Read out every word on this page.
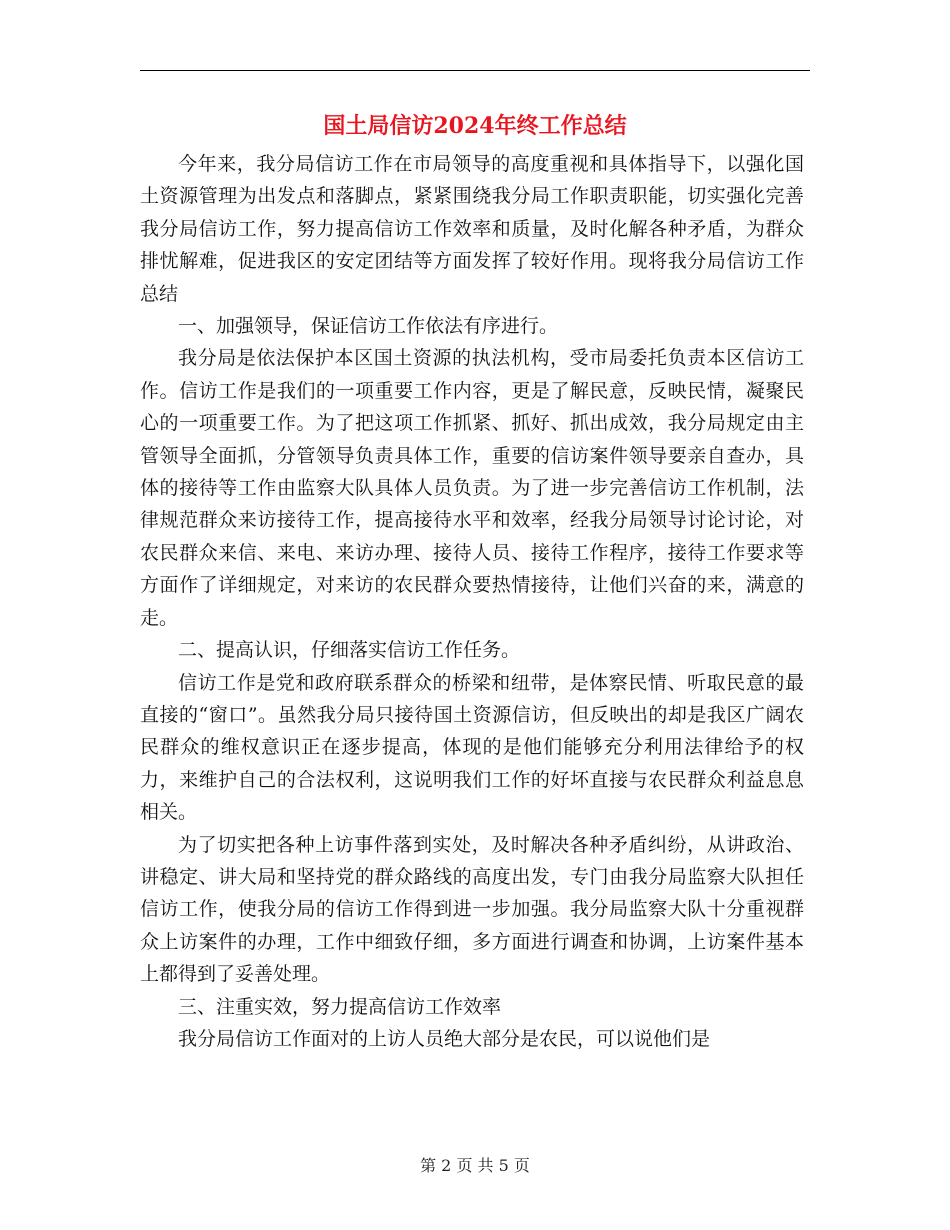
国土局信访2024年终工作总结

今年来，我分局信访工作在市局领导的高度重视和具体指导下，以强化国土资源管理为出发点和落脚点，紧紧围绕我分局工作职责职能，切实强化完善我分局信访工作，努力提高信访工作效率和质量，及时化解各种矛盾，为群众排忧解难，促进我区的安定团结等方面发挥了较好作用。现将我分局信访工作总结

一、加强领导，保证信访工作依法有序进行。

我分局是依法保护本区国土资源的执法机构，受市局委托负责本区信访工作。信访工作是我们的一项重要工作内容，更是了解民意，反映民情，凝聚民心的一项重要工作。为了把这项工作抓紧、抓好、抓出成效，我分局规定由主管领导全面抓，分管领导负责具体工作，重要的信访案件领导要亲自查办，具体的接待等工作由监察大队具体人员负责。为了进一步完善信访工作机制，法律规范群众来访接待工作，提高接待水平和效率，经我分局领导讨论讨论，对农民群众来信、来电、来访办理、接待人员、接待工作程序，接待工作要求等方面作了详细规定，对来访的农民群众要热情接待，让他们兴奋的来，满意的走。

二、提高认识，仔细落实信访工作任务。

信访工作是党和政府联系群众的桥梁和纽带，是体察民情、听取民意的最直接的“窗口”。虽然我分局只接待国土资源信访，但反映出的却是我区广阔农民群众的维权意识正在逐步提高，体现的是他们能够充分利用法律给予的权力，来维护自己的合法权利，这说明我们工作的好坏直接与农民群众利益息息相关。

为了切实把各种上访事件落到实处，及时解决各种矛盾纠纷，从讲政治、讲稳定、讲大局和坚持党的群众路线的高度出发，专门由我分局监察大队担任信访工作，使我分局的信访工作得到进一步加强。我分局监察大队十分重视群众上访案件的办理，工作中细致仔细，多方面进行调查和协调，上访案件基本上都得到了妥善处理。

三、注重实效，努力提高信访工作效率

我分局信访工作面对的上访人员绝大部分是农民，可以说他们是

第 2 页 共 5 页
